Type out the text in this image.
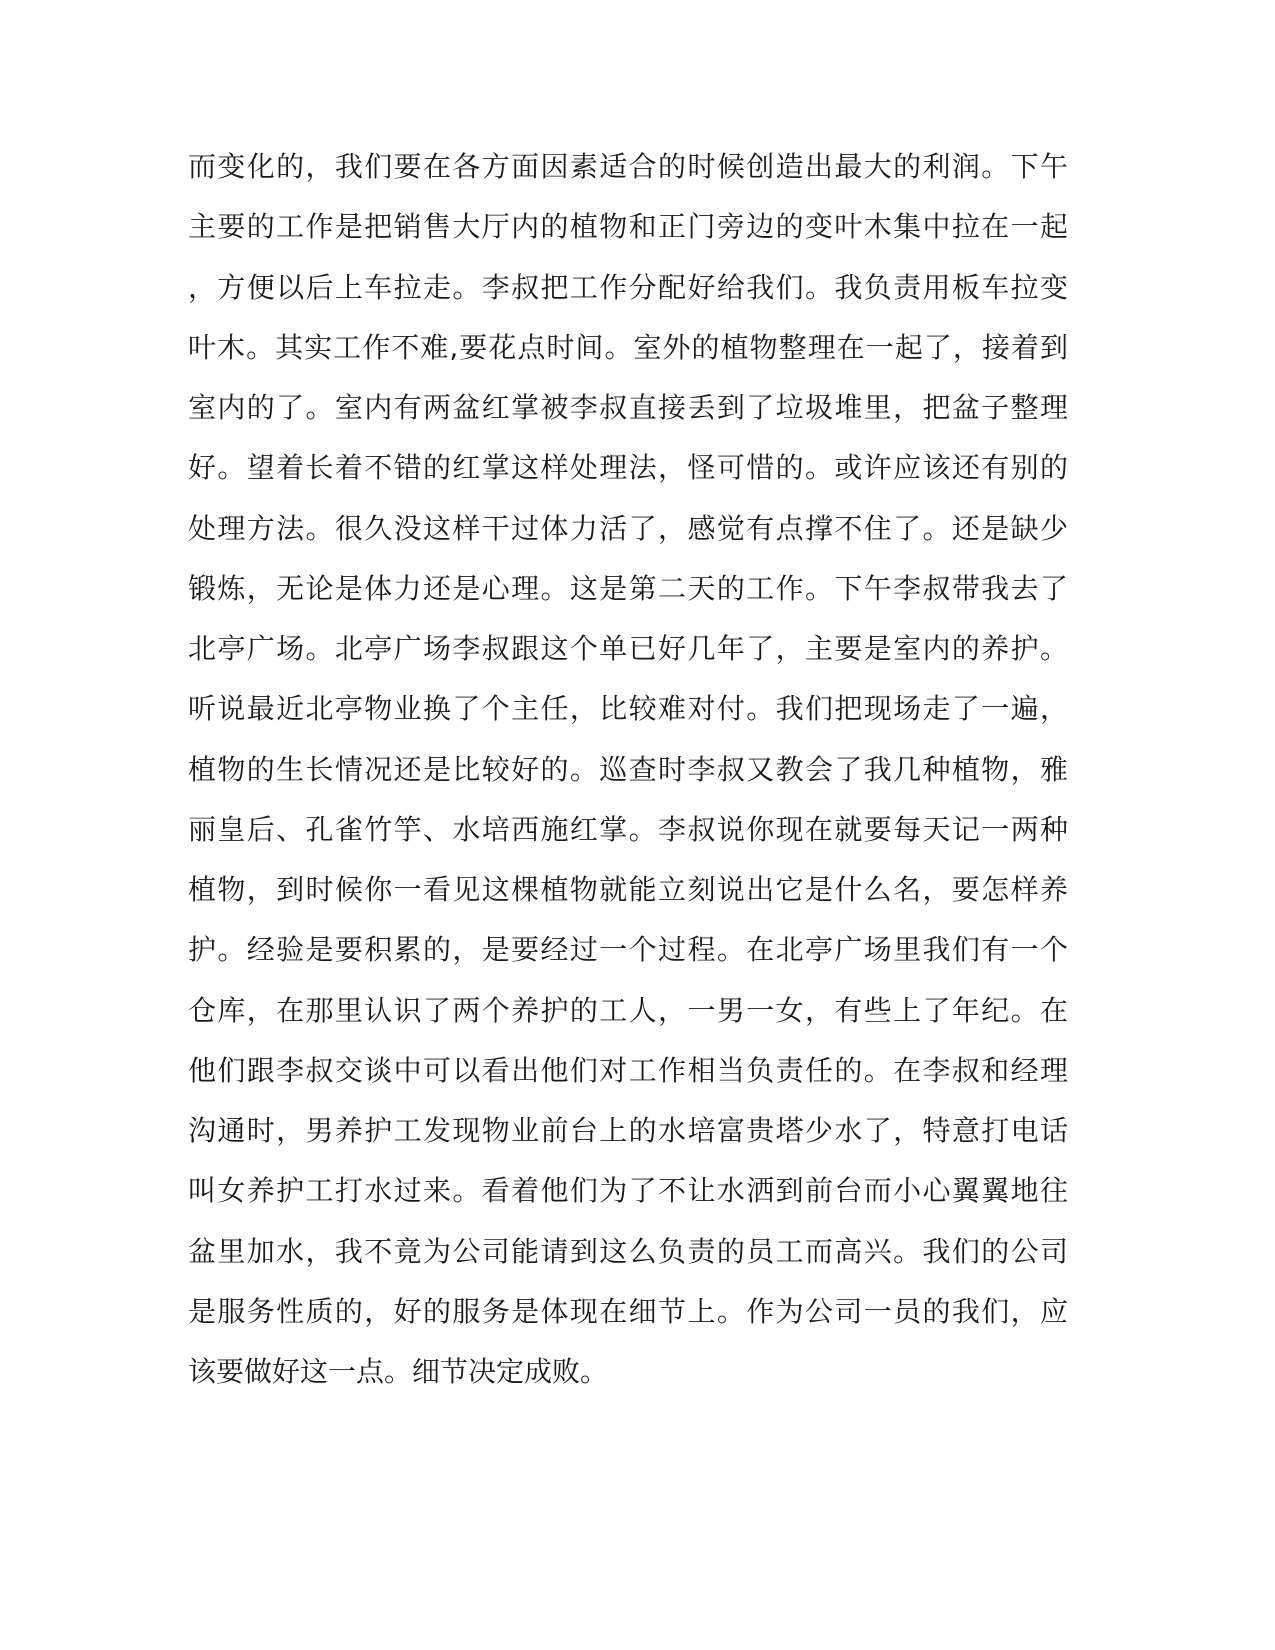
而变化的，我们要在各方面因素适合的时候创造出最大的利润。下午
主要的工作是把销售大厅内的植物和正门旁边的变叶木集中拉在一起
，方便以后上车拉走。李叔把工作分配好给我们。我负责用板车拉变
叶木。其实工作不难,要花点时间。室外的植物整理在一起了，接着到
室内的了。室内有两盆红掌被李叔直接丢到了垃圾堆里，把盆子整理
好。望着长着不错的红掌这样处理法，怪可惜的。或许应该还有别的
处理方法。很久没这样干过体力活了，感觉有点撑不住了。还是缺少
锻炼，无论是体力还是心理。这是第二天的工作。下午李叔带我去了
北亭广场。北亭广场李叔跟这个单已好几年了，主要是室内的养护。
听说最近北亭物业换了个主任，比较难对付。我们把现场走了一遍，
植物的生长情况还是比较好的。巡查时李叔又教会了我几种植物，雅
丽皇后、孔雀竹竽、水培西施红掌。李叔说你现在就要每天记一两种
植物，到时候你一看见这棵植物就能立刻说出它是什么名，要怎样养
护。经验是要积累的，是要经过一个过程。在北亭广场里我们有一个
仓库，在那里认识了两个养护的工人，一男一女，有些上了年纪。在
他们跟李叔交谈中可以看出他们对工作相当负责任的。在李叔和经理
沟通时，男养护工发现物业前台上的水培富贵塔少水了，特意打电话
叫女养护工打水过来。看着他们为了不让水洒到前台而小心翼翼地往
盆里加水，我不竟为公司能请到这么负责的员工而高兴。我们的公司
是服务性质的，好的服务是体现在细节上。作为公司一员的我们，应
该要做好这一点。细节决定成败。
